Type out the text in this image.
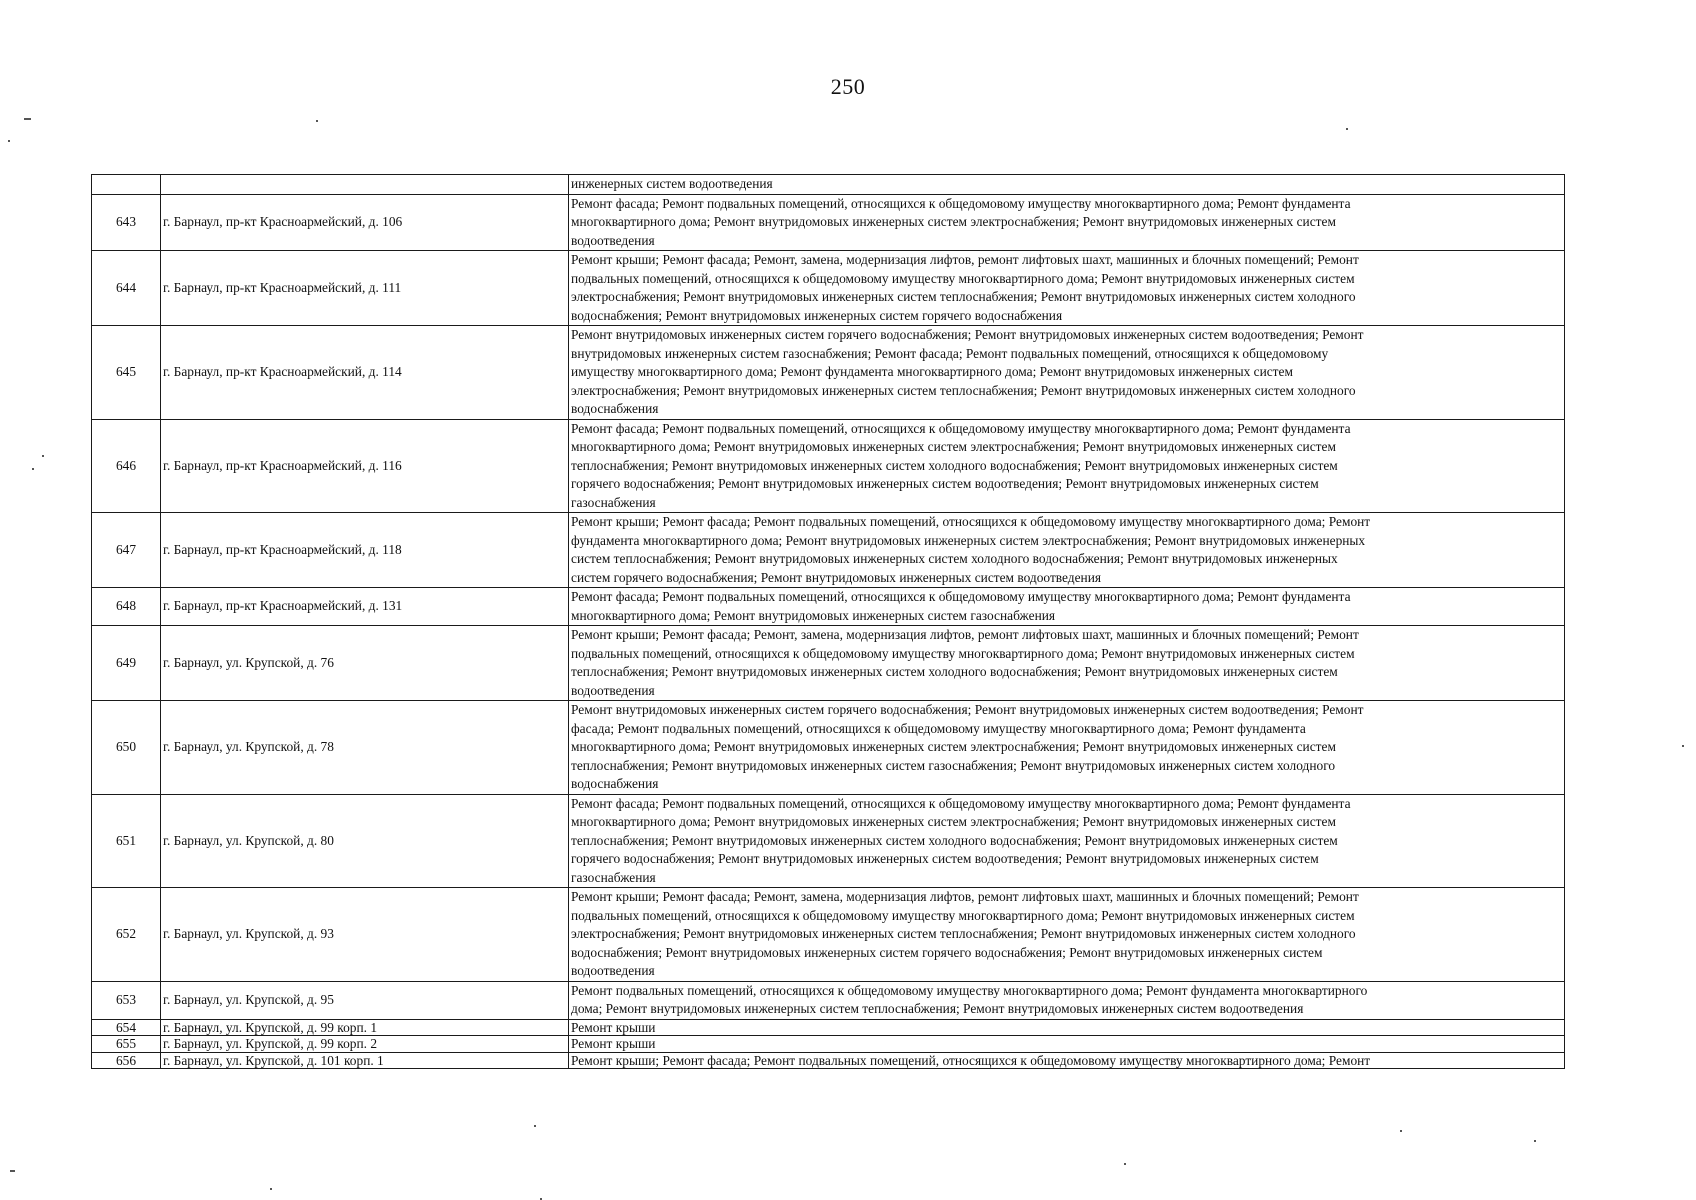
250

		инженерных систем водоотведения

643	г. Барнаул, пр-кт Красноармейский, д. 106	Ремонт фасада; Ремонт подвальных помещений, относящихся к общедомовому имуществу многоквартирного дома; Ремонт фундамента
многоквартирного дома; Ремонт внутридомовых инженерных систем электроснабжения; Ремонт внутридомовых инженерных систем
водоотведения

644	г. Барнаул, пр-кт Красноармейский, д. 111	Ремонт крыши; Ремонт фасада; Ремонт, замена, модернизация лифтов, ремонт лифтовых шахт, машинных и блочных помещений; Ремонт
подвальных помещений, относящихся к общедомовому имуществу многоквартирного дома; Ремонт внутридомовых инженерных систем
электроснабжения; Ремонт внутридомовых инженерных систем теплоснабжения; Ремонт внутридомовых инженерных систем холодного
водоснабжения; Ремонт внутридомовых инженерных систем горячего водоснабжения

645	г. Барнаул, пр-кт Красноармейский, д. 114	Ремонт внутридомовых инженерных систем горячего водоснабжения; Ремонт внутридомовых инженерных систем водоотведения; Ремонт
внутридомовых инженерных систем газоснабжения; Ремонт фасада; Ремонт подвальных помещений, относящихся к общедомовому
имуществу многоквартирного дома; Ремонт фундамента многоквартирного дома; Ремонт внутридомовых инженерных систем
электроснабжения; Ремонт внутридомовых инженерных систем теплоснабжения; Ремонт внутридомовых инженерных систем холодного
водоснабжения

646	г. Барнаул, пр-кт Красноармейский, д. 116	Ремонт фасада; Ремонт подвальных помещений, относящихся к общедомовому имуществу многоквартирного дома; Ремонт фундамента
многоквартирного дома; Ремонт внутридомовых инженерных систем электроснабжения; Ремонт внутридомовых инженерных систем
теплоснабжения; Ремонт внутридомовых инженерных систем холодного водоснабжения; Ремонт внутридомовых инженерных систем
горячего водоснабжения; Ремонт внутридомовых инженерных систем водоотведения; Ремонт внутридомовых инженерных систем
газоснабжения

647	г. Барнаул, пр-кт Красноармейский, д. 118	Ремонт крыши; Ремонт фасада; Ремонт подвальных помещений, относящихся к общедомовому имуществу многоквартирного дома; Ремонт
фундамента многоквартирного дома; Ремонт внутридомовых инженерных систем электроснабжения; Ремонт внутридомовых инженерных
систем теплоснабжения; Ремонт внутридомовых инженерных систем холодного водоснабжения; Ремонт внутридомовых инженерных
систем горячего водоснабжения; Ремонт внутридомовых инженерных систем водоотведения

648	г. Барнаул, пр-кт Красноармейский, д. 131	Ремонт фасада; Ремонт подвальных помещений, относящихся к общедомовому имуществу многоквартирного дома; Ремонт фундамента
многоквартирного дома; Ремонт внутридомовых инженерных систем газоснабжения

649	г. Барнаул, ул. Крупской, д. 76	Ремонт крыши; Ремонт фасада; Ремонт, замена, модернизация лифтов, ремонт лифтовых шахт, машинных и блочных помещений; Ремонт
подвальных помещений, относящихся к общедомовому имуществу многоквартирного дома; Ремонт внутридомовых инженерных систем
теплоснабжения; Ремонт внутридомовых инженерных систем холодного водоснабжения; Ремонт внутридомовых инженерных систем
водоотведения

650	г. Барнаул, ул. Крупской, д. 78	Ремонт внутридомовых инженерных систем горячего водоснабжения; Ремонт внутридомовых инженерных систем водоотведения; Ремонт
фасада; Ремонт подвальных помещений, относящихся к общедомовому имуществу многоквартирного дома; Ремонт фундамента
многоквартирного дома; Ремонт внутридомовых инженерных систем электроснабжения; Ремонт внутридомовых инженерных систем
теплоснабжения; Ремонт внутридомовых инженерных систем газоснабжения; Ремонт внутридомовых инженерных систем холодного
водоснабжения

651	г. Барнаул, ул. Крупской, д. 80	Ремонт фасада; Ремонт подвальных помещений, относящихся к общедомовому имуществу многоквартирного дома; Ремонт фундамента
многоквартирного дома; Ремонт внутридомовых инженерных систем электроснабжения; Ремонт внутридомовых инженерных систем
теплоснабжения; Ремонт внутридомовых инженерных систем холодного водоснабжения; Ремонт внутридомовых инженерных систем
горячего водоснабжения; Ремонт внутридомовых инженерных систем водоотведения; Ремонт внутридомовых инженерных систем
газоснабжения

652	г. Барнаул, ул. Крупской, д. 93	Ремонт крыши; Ремонт фасада; Ремонт, замена, модернизация лифтов, ремонт лифтовых шахт, машинных и блочных помещений; Ремонт
подвальных помещений, относящихся к общедомовому имуществу многоквартирного дома; Ремонт внутридомовых инженерных систем
электроснабжения; Ремонт внутридомовых инженерных систем теплоснабжения; Ремонт внутридомовых инженерных систем холодного
водоснабжения; Ремонт внутридомовых инженерных систем горячего водоснабжения; Ремонт внутридомовых инженерных систем
водоотведения

653	г. Барнаул, ул. Крупской, д. 95	Ремонт подвальных помещений, относящихся к общедомовому имуществу многоквартирного дома; Ремонт фундамента многоквартирного
дома; Ремонт внутридомовых инженерных систем теплоснабжения; Ремонт внутридомовых инженерных систем водоотведения

654	г. Барнаул, ул. Крупской, д. 99 корп. 1	Ремонт крыши

655	г. Барнаул, ул. Крупской, д. 99 корп. 2	Ремонт крыши

656	г. Барнаул, ул. Крупской, д. 101 корп. 1	Ремонт крыши; Ремонт фасада; Ремонт подвальных помещений, относящихся к общедомовому имуществу многоквартирного дома; Ремонт
